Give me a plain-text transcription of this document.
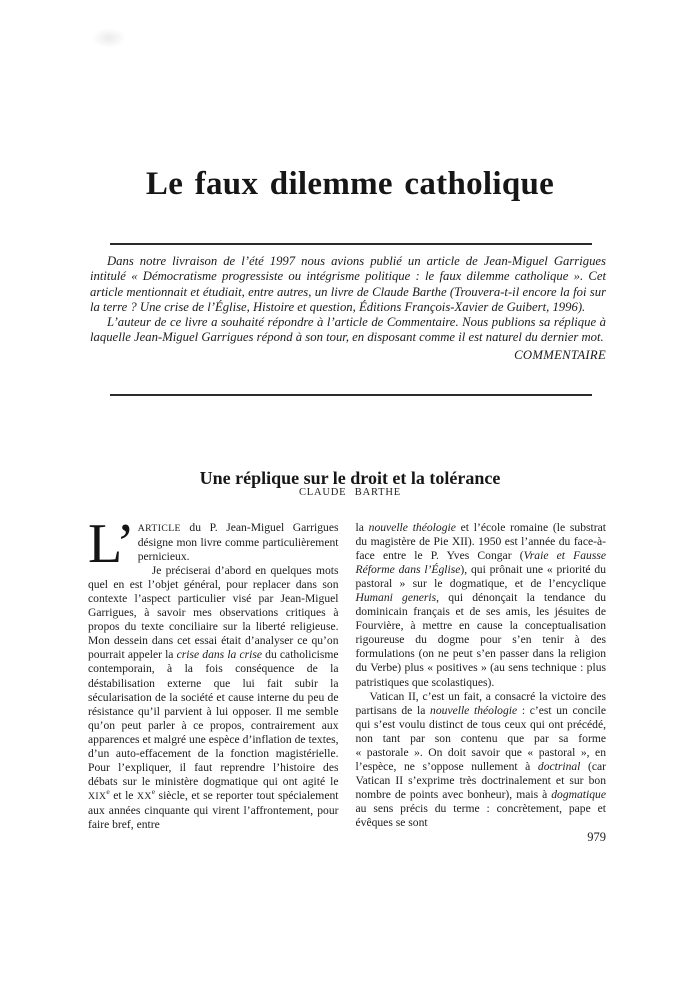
Le faux dilemme catholique

Dans notre livraison de l’été 1997 nous avions publié un article de Jean-Miguel Garrigues intitulé « Démocratisme progressiste ou intégrisme politique : le faux dilemme catholique ». Cet article mentionnait et étudiait, entre autres, un livre de Claude Barthe (Trouvera-t-il encore la foi sur la terre ? Une crise de l’Église, Histoire et question, Éditions François-Xavier de Guibert, 1996).

L’auteur de ce livre a souhaité répondre à l’article de Commentaire. Nous publions sa réplique à laquelle Jean-Miguel Garrigues répond à son tour, en disposant comme il est naturel du dernier mot.

COMMENTAIRE
Une réplique sur le droit et la tolérance
CLAUDE BARTHE

L’ ARTICLE du P. Jean-Miguel Garrigues désigne mon livre comme particulièrement pernicieux.

Je préciserai d’abord en quelques mots quel en est l’objet général, pour replacer dans son contexte l’aspect particulier visé par Jean-Miguel Garrigues, à savoir mes observations critiques à propos du texte conciliaire sur la liberté religieuse. Mon dessein dans cet essai était d’analyser ce qu’on pourrait appeler la crise dans la crise du catholicisme contemporain, à la fois conséquence de la déstabilisation externe que lui fait subir la sécularisation de la société et cause interne du peu de résistance qu’il parvient à lui opposer. Il me semble qu’on peut parler à ce propos, contrairement aux apparences et malgré une espèce d’inflation de textes, d’un auto-effacement de la fonction magistérielle. Pour l’expliquer, il faut reprendre l’histoire des débats sur le ministère dogmatique qui ont agité le XIXe et le XXe siècle, et se reporter tout spécialement aux années cinquante qui virent l’affrontement, pour faire bref, entre

la nouvelle théologie et l’école romaine (le substrat du magistère de Pie XII). 1950 est l’année du face-à-face entre le P. Yves Congar (Vraie et Fausse Réforme dans l’Église), qui prônait une « priorité du pastoral » sur le dogmatique, et de l’encyclique Humani generis, qui dénonçait la tendance du dominicain français et de ses amis, les jésuites de Fourvière, à mettre en cause la conceptualisation rigoureuse du dogme pour s’en tenir à des formulations (on ne peut s’en passer dans la religion du Verbe) plus « positives » (au sens technique : plus patristiques que scolastiques).

Vatican II, c’est un fait, a consacré la victoire des partisans de la nouvelle théologie : c’est un concile qui s’est voulu distinct de tous ceux qui ont précédé, non tant par son contenu que par sa forme « pastorale ». On doit savoir que « pastoral », en l’espèce, ne s’oppose nullement à doctrinal (car Vatican II s’exprime très doctrinalement et sur bon nombre de points avec bonheur), mais à dogmatique au sens précis du terme : concrètement, pape et évêques se sont

979
